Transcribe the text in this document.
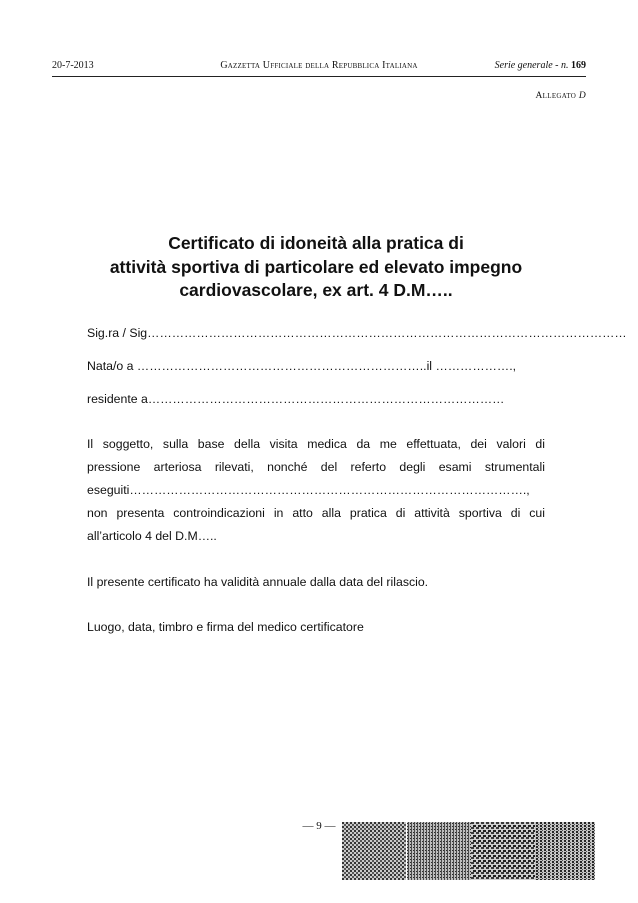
20-7-2013	Gazzetta Ufficiale della Repubblica Italiana	Serie generale - n. 169
Allegato D
Certificato di idoneità alla pratica di
attività sportiva di particolare ed elevato impegno
cardiovascolare, ex art. 4 D.M…..
Sig.ra / Sig………………………………………………………………………………………………………
Nata/o a ……………………………………………………………..il ……………….,
residente a……………………………………………………………………………
Il soggetto, sulla base della visita medica da me effettuata, dei valori di
pressione arteriosa rilevati, nonché del referto degli esami strumentali
eseguiti…………………………………………………………………………………….,
non presenta controindicazioni in atto alla pratica di attività sportiva di cui
all’articolo 4 del D.M…..
Il presente certificato ha validità annuale dalla data del rilascio.
Luogo, data, timbro e firma del medico certificatore
— 9 —
